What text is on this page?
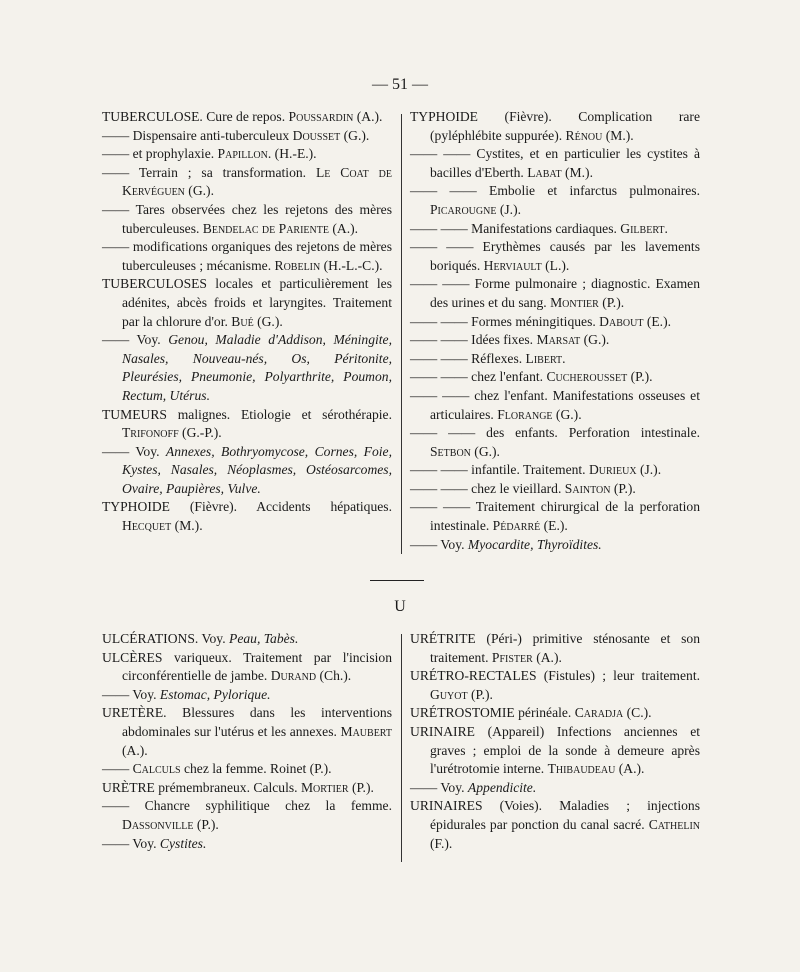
— 51 —

TUBERCULOSE. Cure de repos. Poussardin (A.).

—— Dispensaire anti-tuberculeux Dousset (G.).

—— et prophylaxie. Papillon. (H.-E.).

—— Terrain ; sa transformation. Le Coat de Kervéguen (G.).

—— Tares observées chez les rejetons des mères tuberculeuses. Bendelac de Pariente (A.).

—— modifications organiques des rejetons de mères tuberculeuses ; mécanisme. Robelin (H.-L.-C.).

TUBERCULOSES locales et particulièrement les adénites, abcès froids et laryngites. Traitement par la chlorure d'or. Bué (G.).

—— Voy. Genou, Maladie d'Addison, Méningite, Nasales, Nouveau-nés, Os, Péritonite, Pleurésies, Pneumonie, Polyarthrite, Poumon, Rectum, Utérus.

TUMEURS malignes. Etiologie et sérothérapie. Trifonoff (G.-P.).

—— Voy. Annexes, Bothryomycose, Cornes, Foie, Kystes, Nasales, Néoplasmes, Ostéosarcomes, Ovaire, Paupières, Vulve.

TYPHOIDE (Fièvre). Accidents hépatiques. Hecquet (M.).

TYPHOIDE (Fièvre). Complication rare (pyléphlébite suppurée). Rénou (M.).

—— —— Cystites, et en particulier les cystites à bacilles d'Eberth. Labat (M.).

—— —— Embolie et infarctus pulmonaires. Picarougne (J.).

—— —— Manifestations cardiaques. Gilbert.

—— —— Erythèmes causés par les lavements boriqués. Herviault (L.).

—— —— Forme pulmonaire ; diagnostic. Examen des urines et du sang. Montier (P.).

—— —— Formes méningitiques. Dabout (E.).

—— —— Idées fixes. Marsat (G.).

—— —— Réflexes. Libert.

—— —— chez l'enfant. Cucherousset (P.).

—— —— chez l'enfant. Manifestations osseuses et articulaires. Florange (G.).

—— —— des enfants. Perforation intestinale. Setbon (G.).

—— —— infantile. Traitement. Durieux (J.).

—— —— chez le vieillard. Sainton (P.).

—— —— Traitement chirurgical de la perforation intestinale. Pédarré (E.).

—— Voy. Myocardite, Thyroïdites.

U

ULCÉRATIONS. Voy. Peau, Tabès.

ULCÈRES variqueux. Traitement par l'incision circonférentielle de jambe. Durand (Ch.).

—— Voy. Estomac, Pylorique.

URETÈRE. Blessures dans les interventions abdominales sur l'utérus et les annexes. Maubert (A.).

—— Calculs chez la femme. Roinet (P.).

URÈTRE prémembraneux. Calculs. Mortier (P.).

—— Chancre syphilitique chez la femme. Dassonville (P.).

—— Voy. Cystites.

URÉTRITE (Péri-) primitive sténosante et son traitement. Pfister (A.).

URÉTRO-RECTALES (Fistules) ; leur traitement. Guyot (P.).

URÉTROSTOMIE périnéale. Caradja (C.).

URINAIRE (Appareil) Infections anciennes et graves ; emploi de la sonde à demeure après l'urétrotomie interne. Thibaudeau (A.).

—— Voy. Appendicite.

URINAIRES (Voies). Maladies ; injections épidurales par ponction du canal sacré. Cathelin (F.).
